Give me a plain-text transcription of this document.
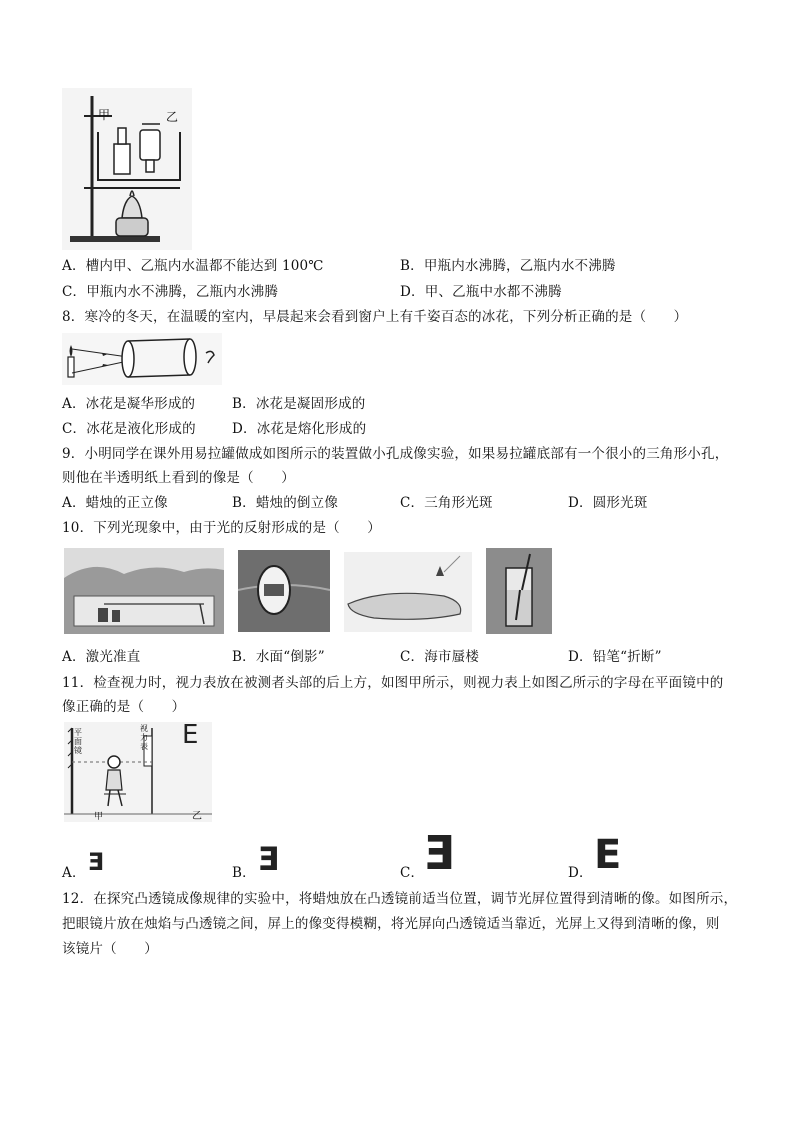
甲	乙
A．槽内甲、乙瓶内水温都不能达到 100℃	B．甲瓶内水沸腾，乙瓶内水不沸腾
C．甲瓶内水不沸腾，乙瓶内水沸腾	D．甲、乙瓶中水都不沸腾
8．寒冷的冬天，在温暖的室内，早晨起来会看到窗户上有千姿百态的冰花，下列分析正确的是（　　）
A．冰花是凝华形成的	B．冰花是凝固形成的
C．冰花是液化形成的	D．冰花是熔化形成的
9．小明同学在课外用易拉罐做成如图所示的装置做小孔成像实验，如果易拉罐底部有一个很小的三角形小孔，
则他在半透明纸上看到的像是（　　）
A．蜡烛的正立像	B．蜡烛的倒立像	C．三角形光斑	D．圆形光斑
10．下列光现象中，由于光的反射形成的是（　　）
A．激光准直	B．水面“倒影”	C．海市蜃楼	D．铅笔“折断”
11．检查视力时，视力表放在被测者头部的后上方，如图甲所示，则视力表上如图乙所示的字母在平面镜中的
像正确的是（　　）
平面镜
视力表 E
甲	乙
A． E	B． E	C． E	D． E
12．在探究凸透镜成像规律的实验中，将蜡烛放在凸透镜前适当位置，调节光屏位置得到清晰的像。如图所示，
把眼镜片放在烛焰与凸透镜之间，屏上的像变得模糊，将光屏向凸透镜适当靠近，光屏上又得到清晰的像，则
该镜片（　　）
